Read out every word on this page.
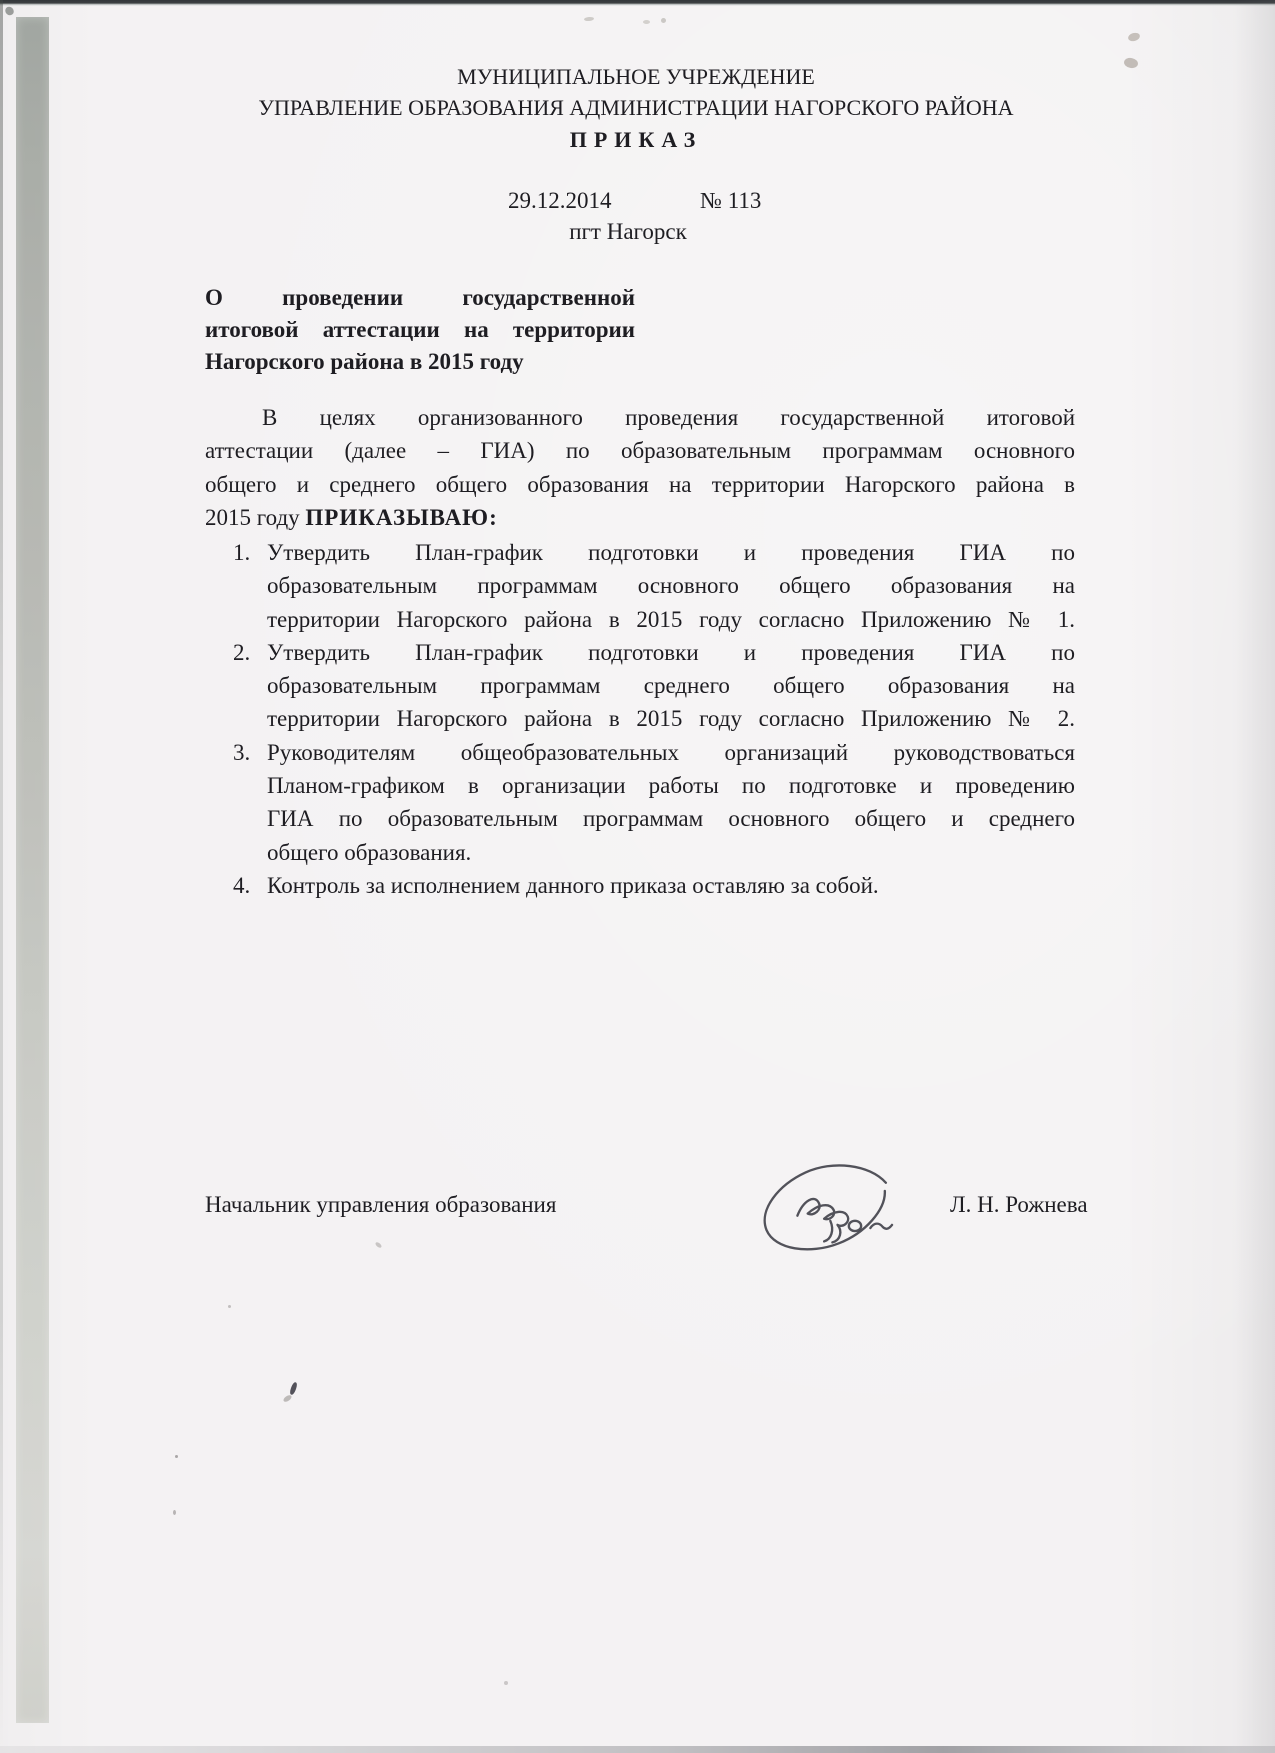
МУНИЦИПАЛЬНОЕ УЧРЕЖДЕНИЕ
УПРАВЛЕНИЕ ОБРАЗОВАНИЯ АДМИНИСТРАЦИИ НАГОРСКОГО РАЙОНА
ПРИКАЗ
29.12.2014	№ 113
пгт Нагорск
О проведении государственной
итоговой аттестации на территории
Нагорского района в 2015 году
В целях организованного проведения государственной итоговой
аттестации (далее – ГИА) по образовательным программам основного
общего и среднего общего образования на территории Нагорского района в
2015 году ПРИКАЗЫВАЮ:
1. Утвердить План-график подготовки и проведения ГИА по
образовательным программам основного общего образования на
территории Нагорского района в 2015 году согласно Приложению № 1.
2. Утвердить План-график подготовки и проведения ГИА по
образовательным программам среднего общего образования на
территории Нагорского района в 2015 году согласно Приложению № 2.
3. Руководителям общеобразовательных организаций руководствоваться
Планом-графиком в организации работы по подготовке и проведению
ГИА по образовательным программам основного общего и среднего
общего образования.
4. Контроль за исполнением данного приказа оставляю за собой.
Начальник управления образования	Л. Н. Рожнева
